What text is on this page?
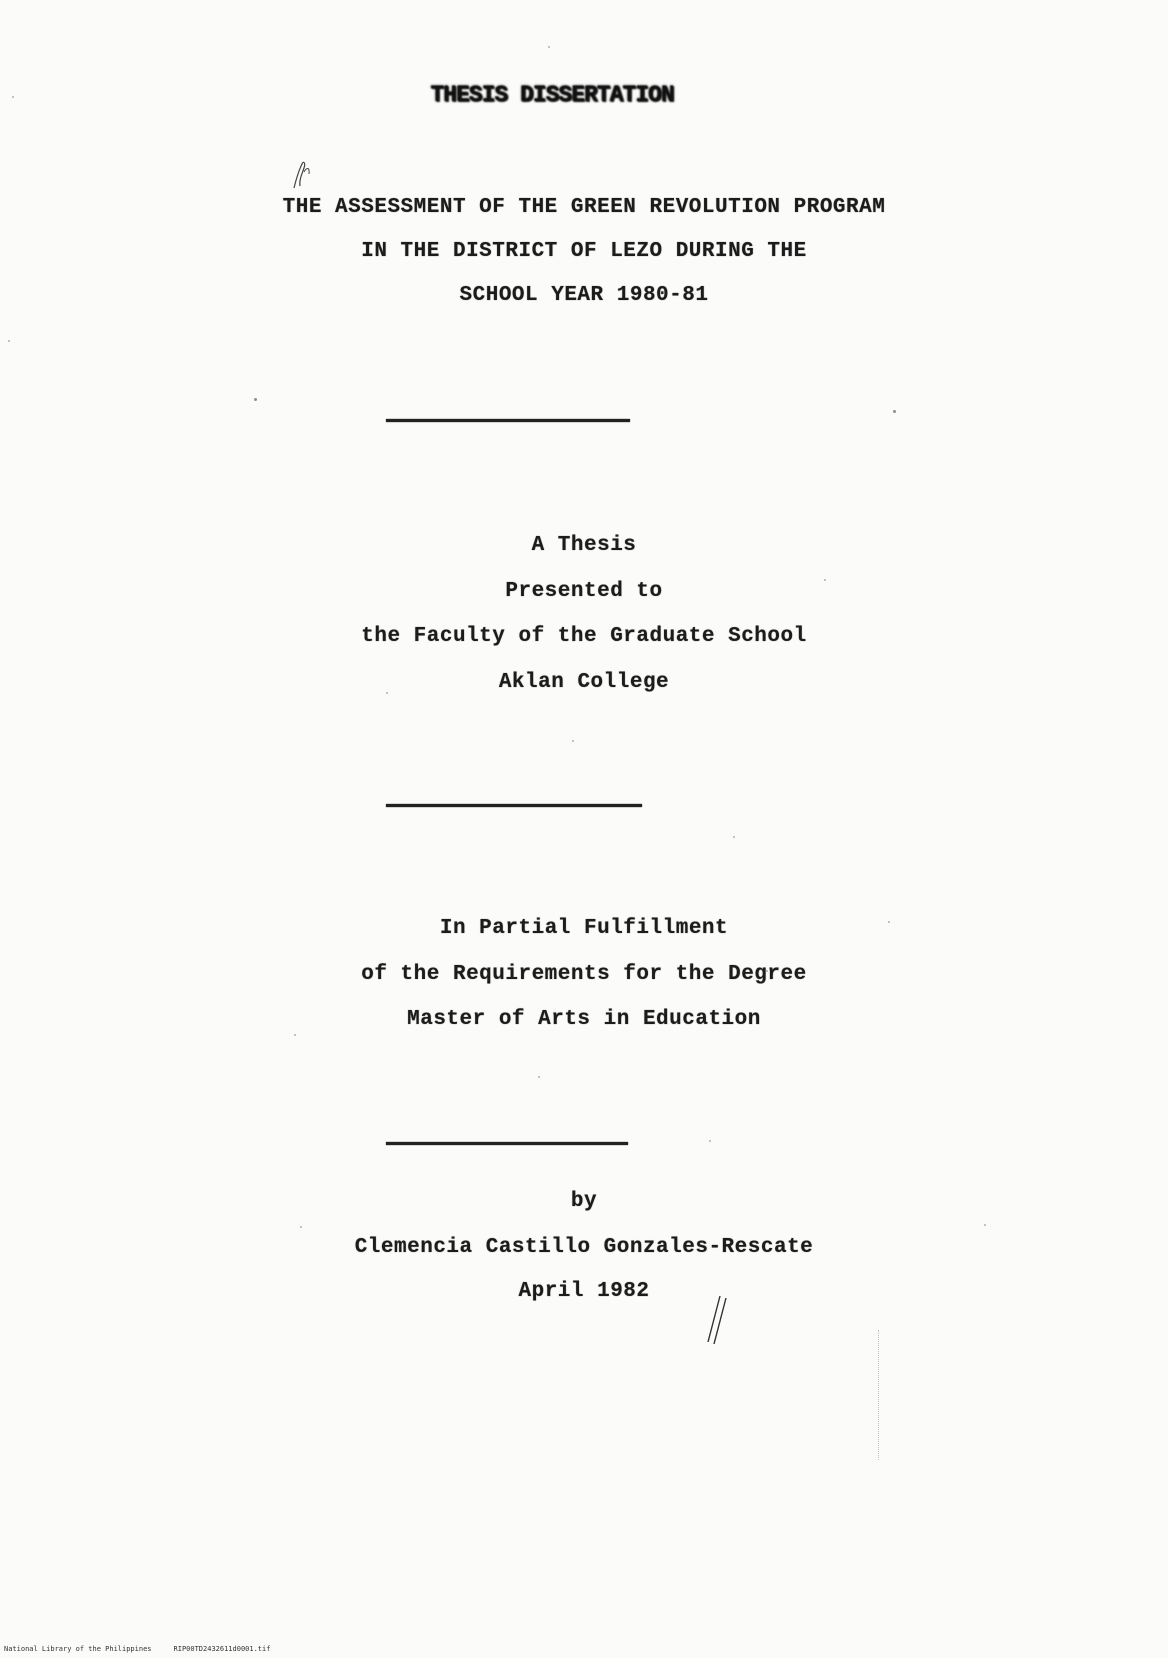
THESIS DISSERTATION
THE ASSESSMENT OF THE GREEN REVOLUTION PROGRAM
IN THE DISTRICT OF LEZO DURING THE
SCHOOL YEAR 1980-81
A Thesis
Presented to
the Faculty of the Graduate School
Aklan College
In Partial Fulfillment
of the Requirements for the Degree
Master of Arts in Education
by
Clemencia Castillo Gonzales-Rescate
April 1982
National Library of the Philippines	RIP00TD2432611d0001.tif
